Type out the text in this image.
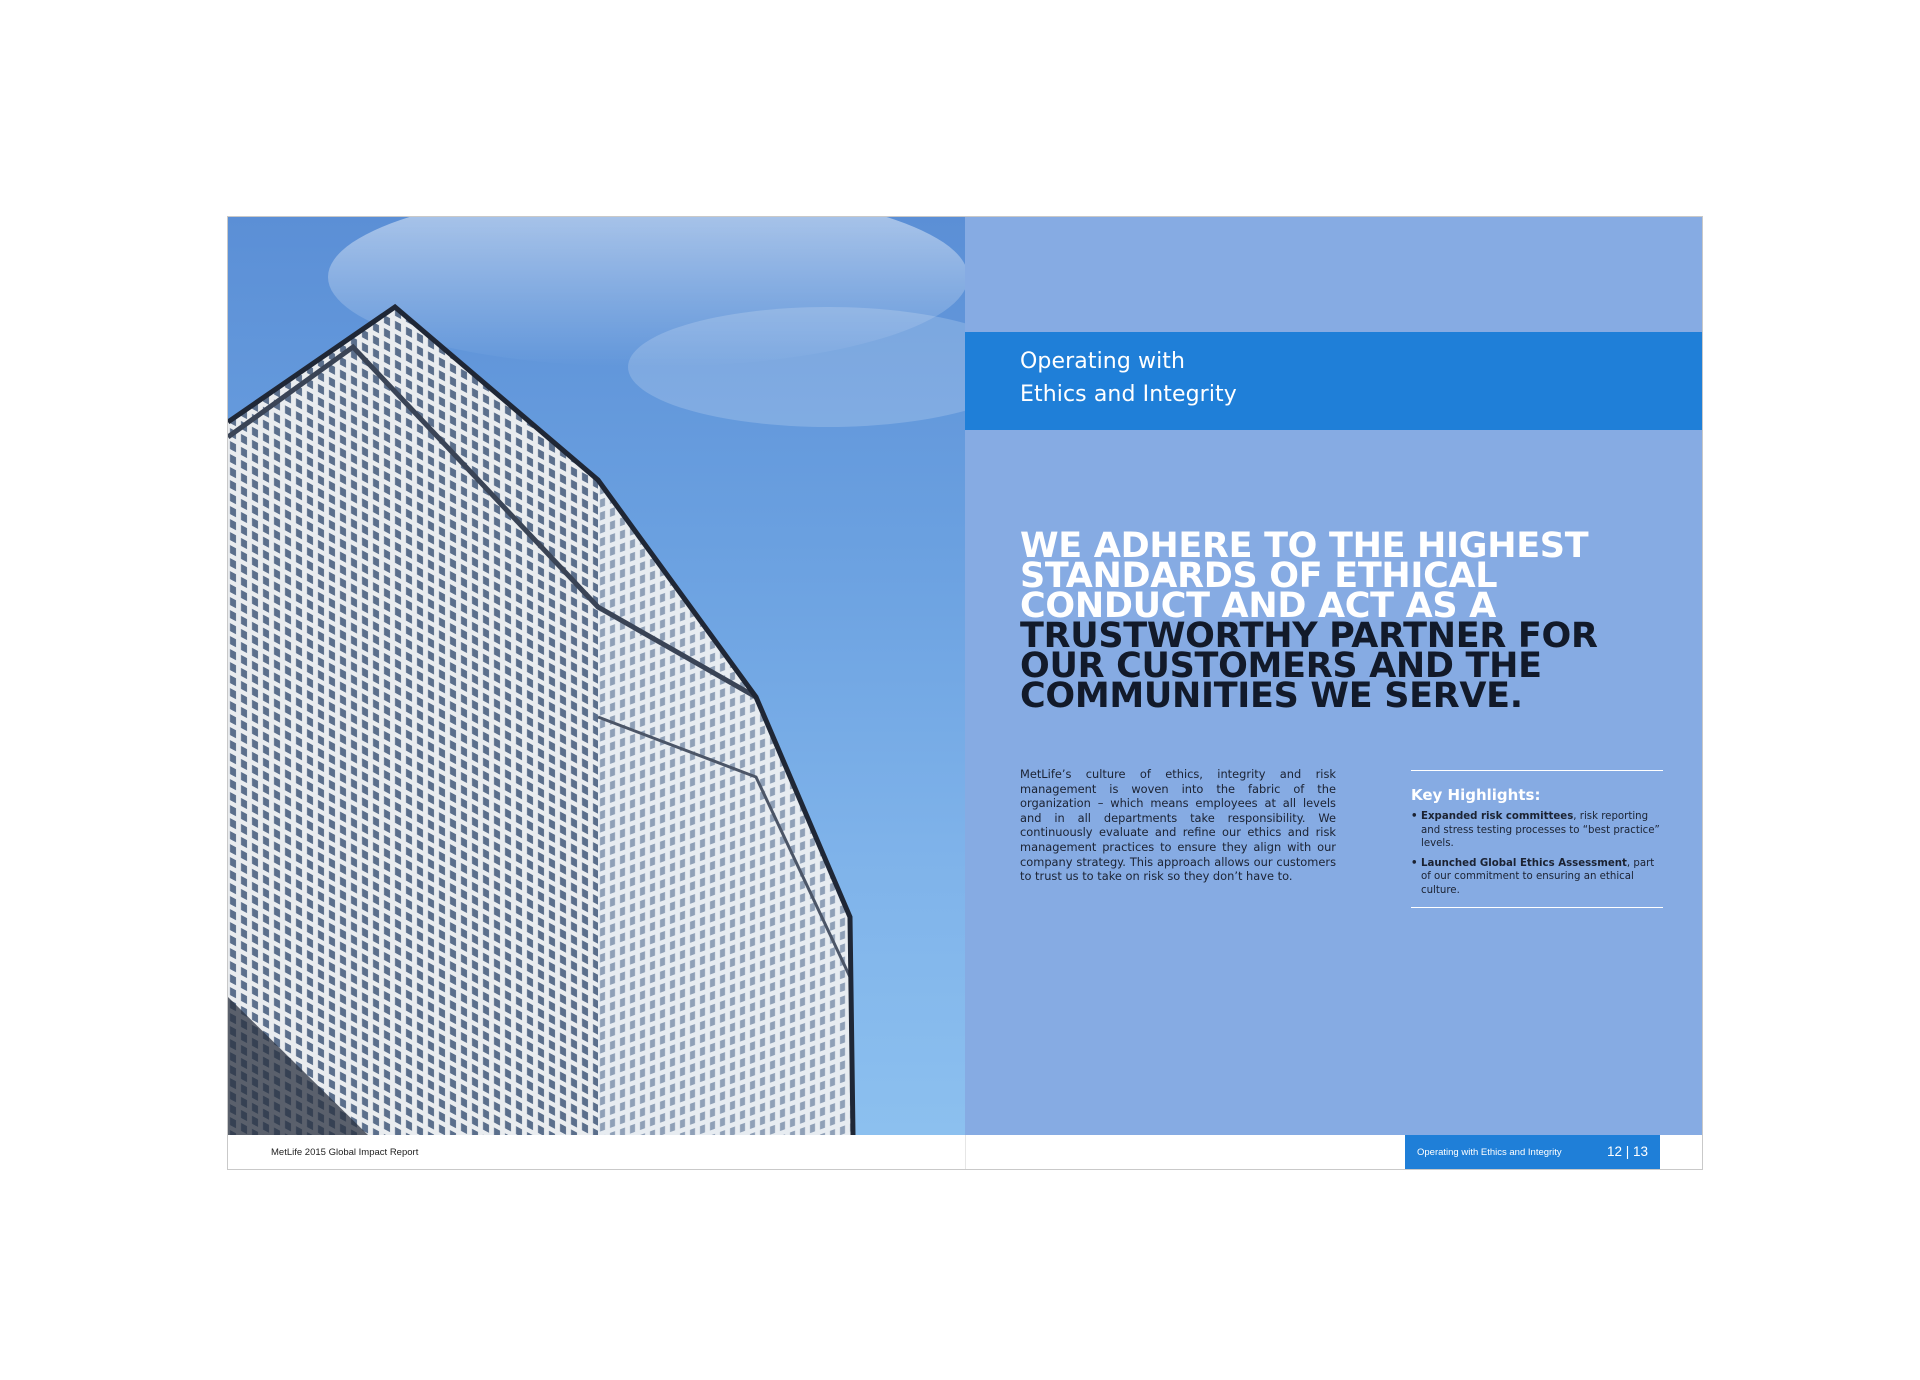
Operating with
Ethics and Integrity
WE ADHERE TO THE HIGHEST
STANDARDS OF ETHICAL
CONDUCT AND ACT AS A
TRUSTWORTHY PARTNER FOR
OUR CUSTOMERS AND THE
COMMUNITIES WE SERVE.
MetLife’s culture of ethics, integrity and risk management is woven into the fabric of the organization – which means employees at all levels and in all departments take responsibility. We continuously evaluate and refine our ethics and risk management practices to ensure they align with our company strategy. This approach allows our customers to trust us to take on risk so they don’t have to.
Key Highlights:
• Expanded risk committees, risk reporting and stress testing processes to “best practice” levels.
• Launched Global Ethics Assessment, part of our commitment to ensuring an ethical culture.
MetLife 2015 Global Impact Report	Operating with Ethics and Integrity	12 | 13
